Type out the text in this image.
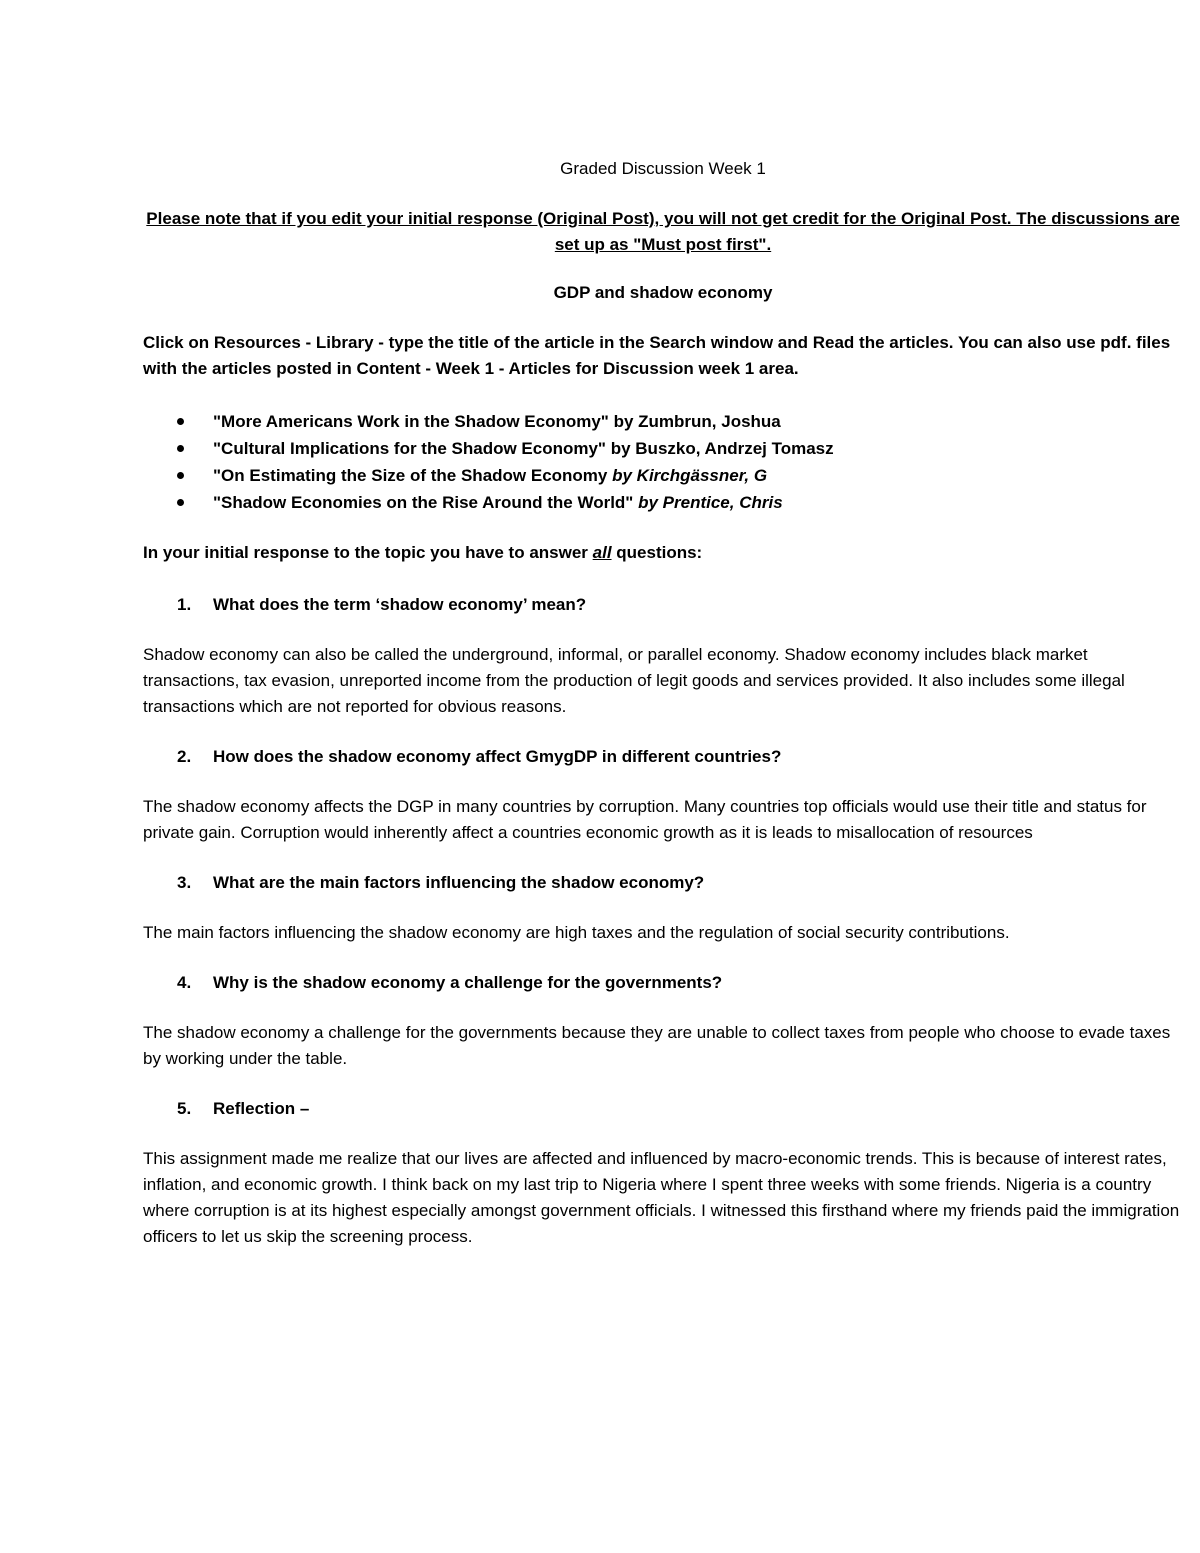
Graded Discussion Week 1

Please note that if you edit your initial response (Original Post), you will not get credit for the Original Post. The discussions are set up as "Must post first".

GDP and shadow economy

Click on Resources - Library - type the title of the article in the Search window and Read the articles. You can also use pdf. files with the articles posted in Content - Week 1 - Articles for Discussion week 1 area.

"More Americans Work in the Shadow Economy" by Zumbrun, Joshua
"Cultural Implications for the Shadow Economy" by Buszko, Andrzej Tomasz
"On Estimating the Size of the Shadow Economy by Kirchgässner, G
"Shadow Economies on the Rise Around the World" by Prentice, Chris

In your initial response to the topic you have to answer all questions:

1. What does the term ‘shadow economy’ mean?

Shadow economy can also be called the underground, informal, or parallel economy. Shadow economy includes black market transactions, tax evasion, unreported income from the production of legit goods and services provided. It also includes some illegal transactions which are not reported for obvious reasons.

2. How does the shadow economy affect GmygDP in different countries?

The shadow economy affects the DGP in many countries by corruption. Many countries top officials would use their title and status for private gain. Corruption would inherently affect a countries economic growth as it is leads to misallocation of resources

3. What are the main factors influencing the shadow economy?

The main factors influencing the shadow economy are high taxes and the regulation of social security contributions.

4. Why is the shadow economy a challenge for the governments?

The shadow economy a challenge for the governments because they are unable to collect taxes from people who choose to evade taxes by working under the table.

5. Reflection –

This assignment made me realize that our lives are affected and influenced by macro-economic trends. This is because of interest rates, inflation, and economic growth. I think back on my last trip to Nigeria where I spent three weeks with some friends. Nigeria is a country where corruption is at its highest especially amongst government officials. I witnessed this firsthand where my friends paid the immigration officers to let us skip the screening process.
